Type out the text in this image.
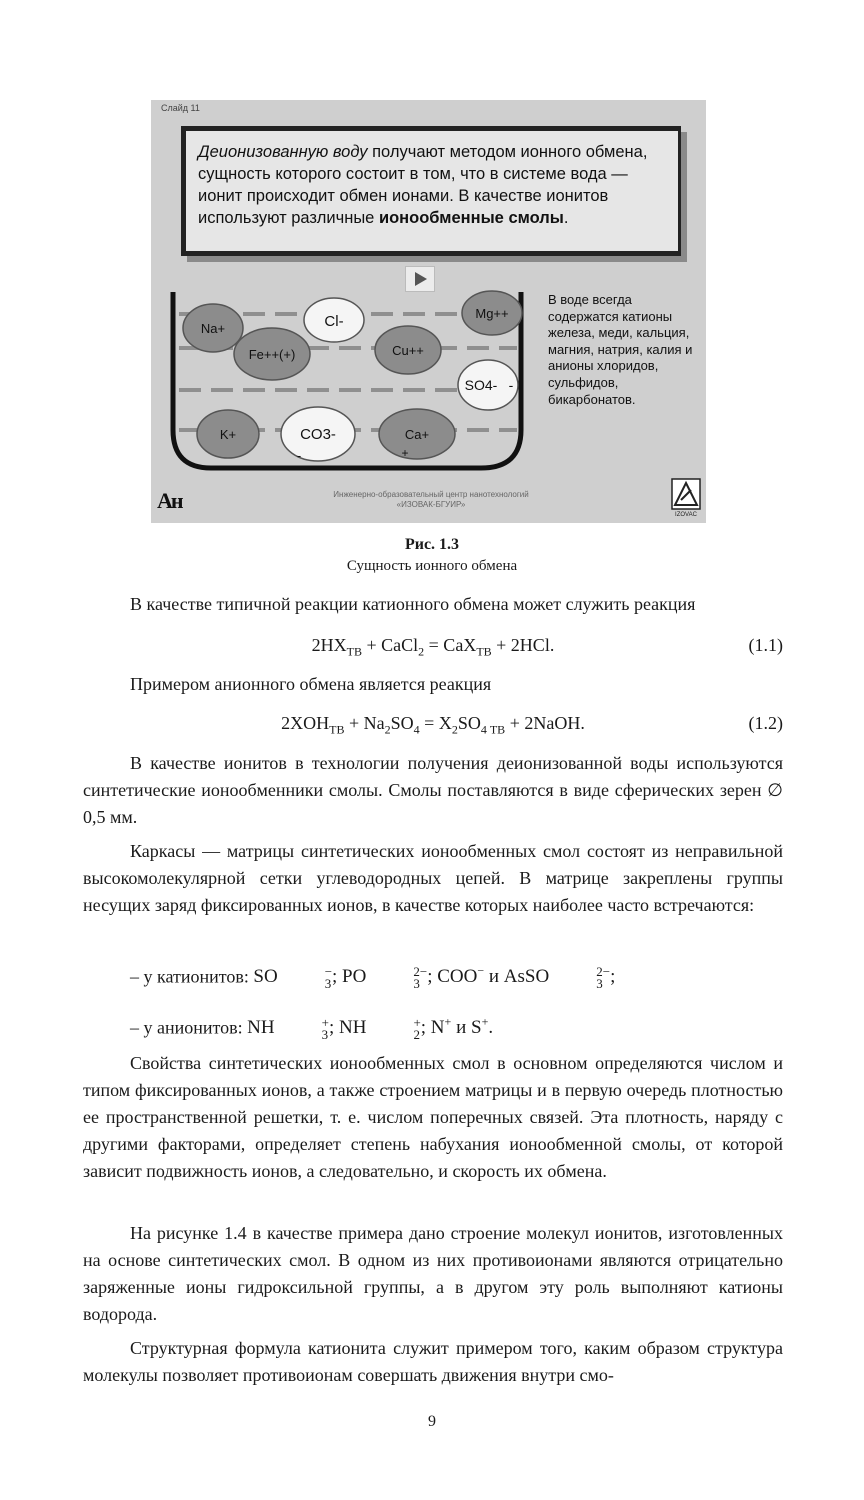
Слайд 11
Деионизованную воду получают методом ионного обмена, сущность которого состоит в том, что в системе вода — ионит происходит обмен ионами. В качестве ионитов используют различные ионообменные смолы.
Na+	Cl-	Mg++
Fe++(+)	Cu++
SO4- -
K+	CO3-
-
Ca+
+
В воде всегда содержатся катионы железа, меди, кальция, магния, натрия, калия и анионы хлоридов, сульфидов, бикарбонатов.
Ан	Инженерно-образовательный центр нанотехнологий
«ИЗОВАК-БГУИР»
IZOVAC
Рис. 1.3
Сущность ионного обмена
В качестве типичной реакции катионного обмена может служить реакция
$2HX_{ТВ}$ + CaCl$_2$ = CaX$_{ТВ}$ + 2HCl.	(1.1)
Примером анионного обмена является реакция
$2XOH_{ТВ} + Na_2SO_4 = X_2SO_{4 ТВ}$ + 2NaOH.	(1.2)
В качестве ионитов в технологии получения деионизованной воды используются синтетические ионообменники смолы. Смолы поставляются в виде сферических зерен ∅ 0,5 мм.
Каркасы — матрицы синтетических ионообменных смол состоят из неправильной высокомолекулярной сетки углеводородных цепей. В матрице закреплены группы несущих заряд фиксированных ионов, в качестве которых наиболее часто встречаются:
– у катионитов: SO	−
3 ; PO	2−
3 ; COO− и AsSO	2−
3 ;
– у анионитов: NH	+
3 ; NH	+
2 ; N+ и S+.
Свойства синтетических ионообменных смол в основном определяются числом и типом фиксированных ионов, а также строением матрицы и в первую очередь плотностью ее пространственной решетки, т. е. числом поперечных связей. Эта плотность, наряду с другими факторами, определяет степень набухания ионообменной смолы, от которой зависит подвижность ионов, а следовательно, и скорость их обмена.
На рисунке 1.4 в качестве примера дано строение молекул ионитов, изготовленных на основе синтетических смол. В одном из них противоионами являются отрицательно заряженные ионы гидроксильной группы, а в другом эту роль выполняют катионы водорода.
Структурная формула катионита служит примером того, каким образом структура молекулы позволяет противоионам совершать движения внутри смо-
9
